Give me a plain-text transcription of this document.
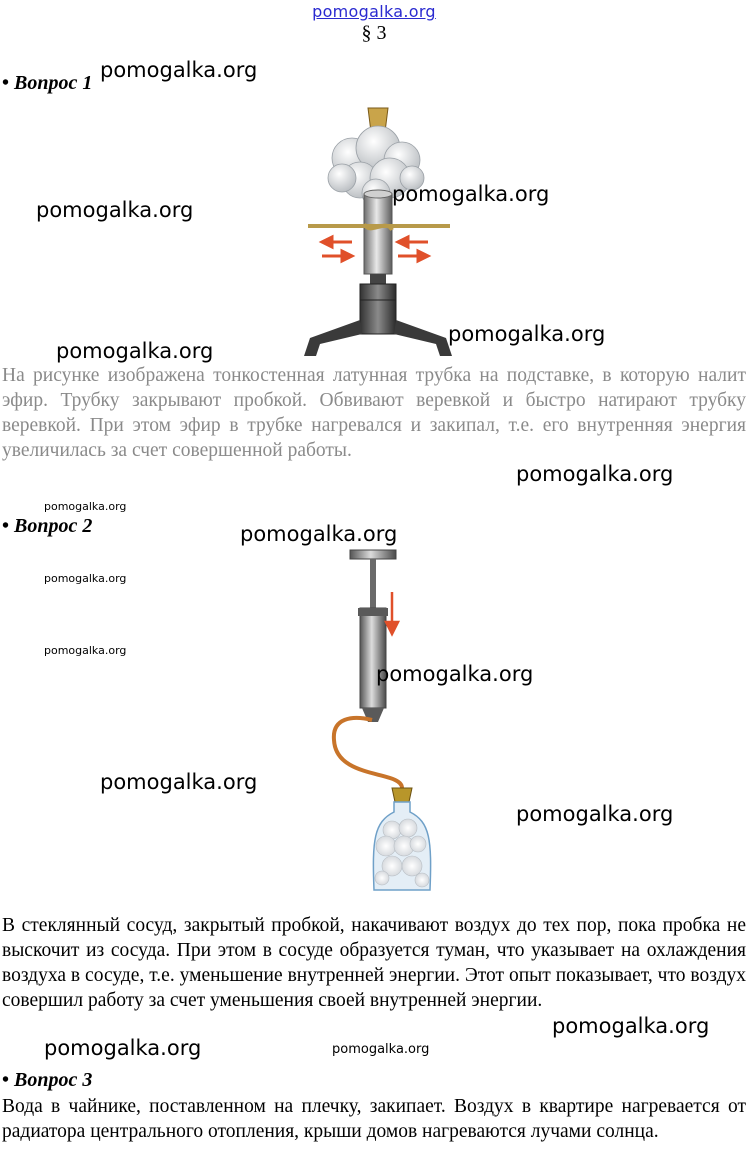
pomogalka.org
§ 3
• Вопрос 1
pomogalka.org
pomogalka.org
pomogalka.org
pomogalka.org
pomogalka.org
На рисунке изображена тонкостенная латунная трубка на подставке, в которую налит эфир. Трубку закрывают пробкой. Обвивают веревкой и быстро натирают трубку веревкой. При этом эфир в трубке нагревался и закипал, т.е. его внутренняя энергия увеличилась за счет совершенной работы.
pomogalka.org
pomogalka.org
• Вопрос 2	pomogalka.org
pomogalka.org
pomogalka.org
pomogalka.org
pomogalka.org
pomogalka.org
В стеклянный сосуд, закрытый пробкой, накачивают воздух до тех пор, пока пробка не выскочит из сосуда. При этом в сосуде образуется туман, что указывает на охлаждения воздуха в сосуде, т.е. уменьшение внутренней энергии. Этот опыт показывает, что воздух совершил работу за счет уменьшения своей внутренней энергии.
pomogalka.org
pomogalka.org	pomogalka.org
• Вопрос 3
Вода в чайнике, поставленном на плечку, закипает. Воздух в квартире нагревается от радиатора центрального отопления, крыши домов нагреваются лучами солнца.
